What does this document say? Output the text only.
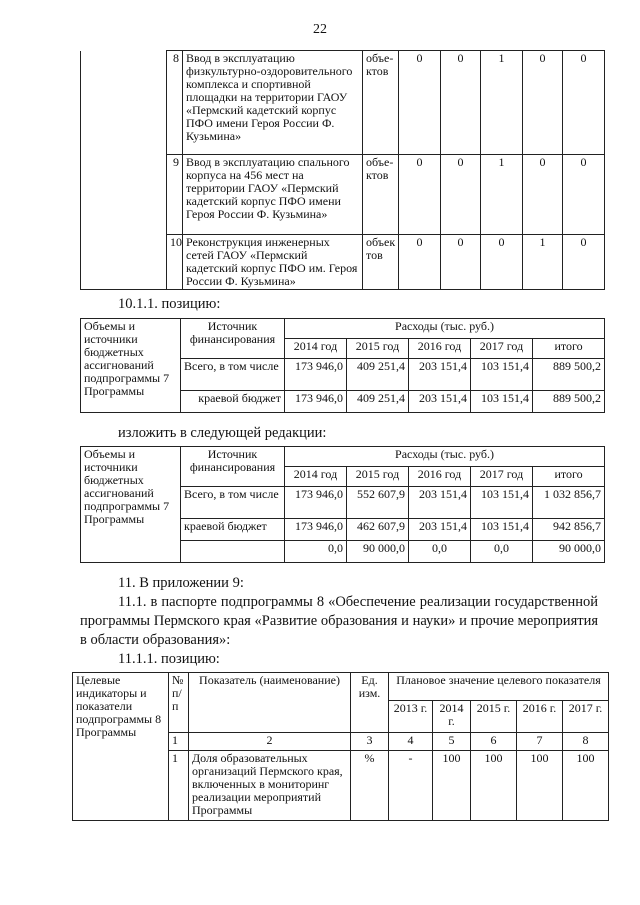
22
	8	Ввод в эксплуатацию физкультурно-оздоровительного комплекса и спортивной площадки на территории ГАОУ «Пермский кадетский корпус ПФО имени Героя России Ф. Кузьмина»	объе-ктов	0	0	1	0	0
	9	Ввод в эксплуатацию спального корпуса на 456 мест на территории ГАОУ «Пермский кадетский корпус ПФО имени Героя России Ф. Кузьмина»	объе-ктов	0	0	1	0	0
	10	Реконструкция инженерных сетей ГАОУ «Пермский кадетский корпус ПФО им. Героя России Ф. Кузьмина»	объек тов	0	0	0	1	0
10.1.1. позицию:
Объемы и источники бюджетных ассигнований подпрограммы 7 Программы	Источник финансирования	Расходы (тыс. руб.)				
		2014 год	2015 год	2016 год	2017 год	итого
	Всего, в том числе	173 946,0	409 251,4	203 151,4	103 151,4	889 500,2
	краевой бюджет	173 946,0	409 251,4	203 151,4	103 151,4	889 500,2
изложить в следующей редакции:
Объемы и источники бюджетных ассигнований подпрограммы 7 Программы	Источник финансирования	Расходы (тыс. руб.)				
		2014 год	2015 год	2016 год	2017 год	итого
	Всего, в том числе	173 946,0	552 607,9	203 151,4	103 151,4	1 032 856,7
	краевой бюджет	173 946,0	462 607,9	203 151,4	103 151,4	942 856,7
		0,0	90 000,0	0,0	0,0	90 000,0
11. В приложении 9:
11.1. в паспорте подпрограммы 8 «Обеспечение реализации государственной программы Пермского края «Развитие образования и науки» и прочие мероприятия в области образования»:
11.1.1. позицию:
Целевые индикаторы и показатели подпрограммы 8 Программы	№ п/п	Показатель (наименование)	Ед. изм.	Плановое значение целевого показателя				
				2013 г.	2014 г.	2015 г.	2016 г.	2017 г.
	1	2	3	4	5	6	7	8
	1	Доля образовательных организаций Пермского края, включенных в мониторинг реализации мероприятий Программы	%	-	100	100	100	100
